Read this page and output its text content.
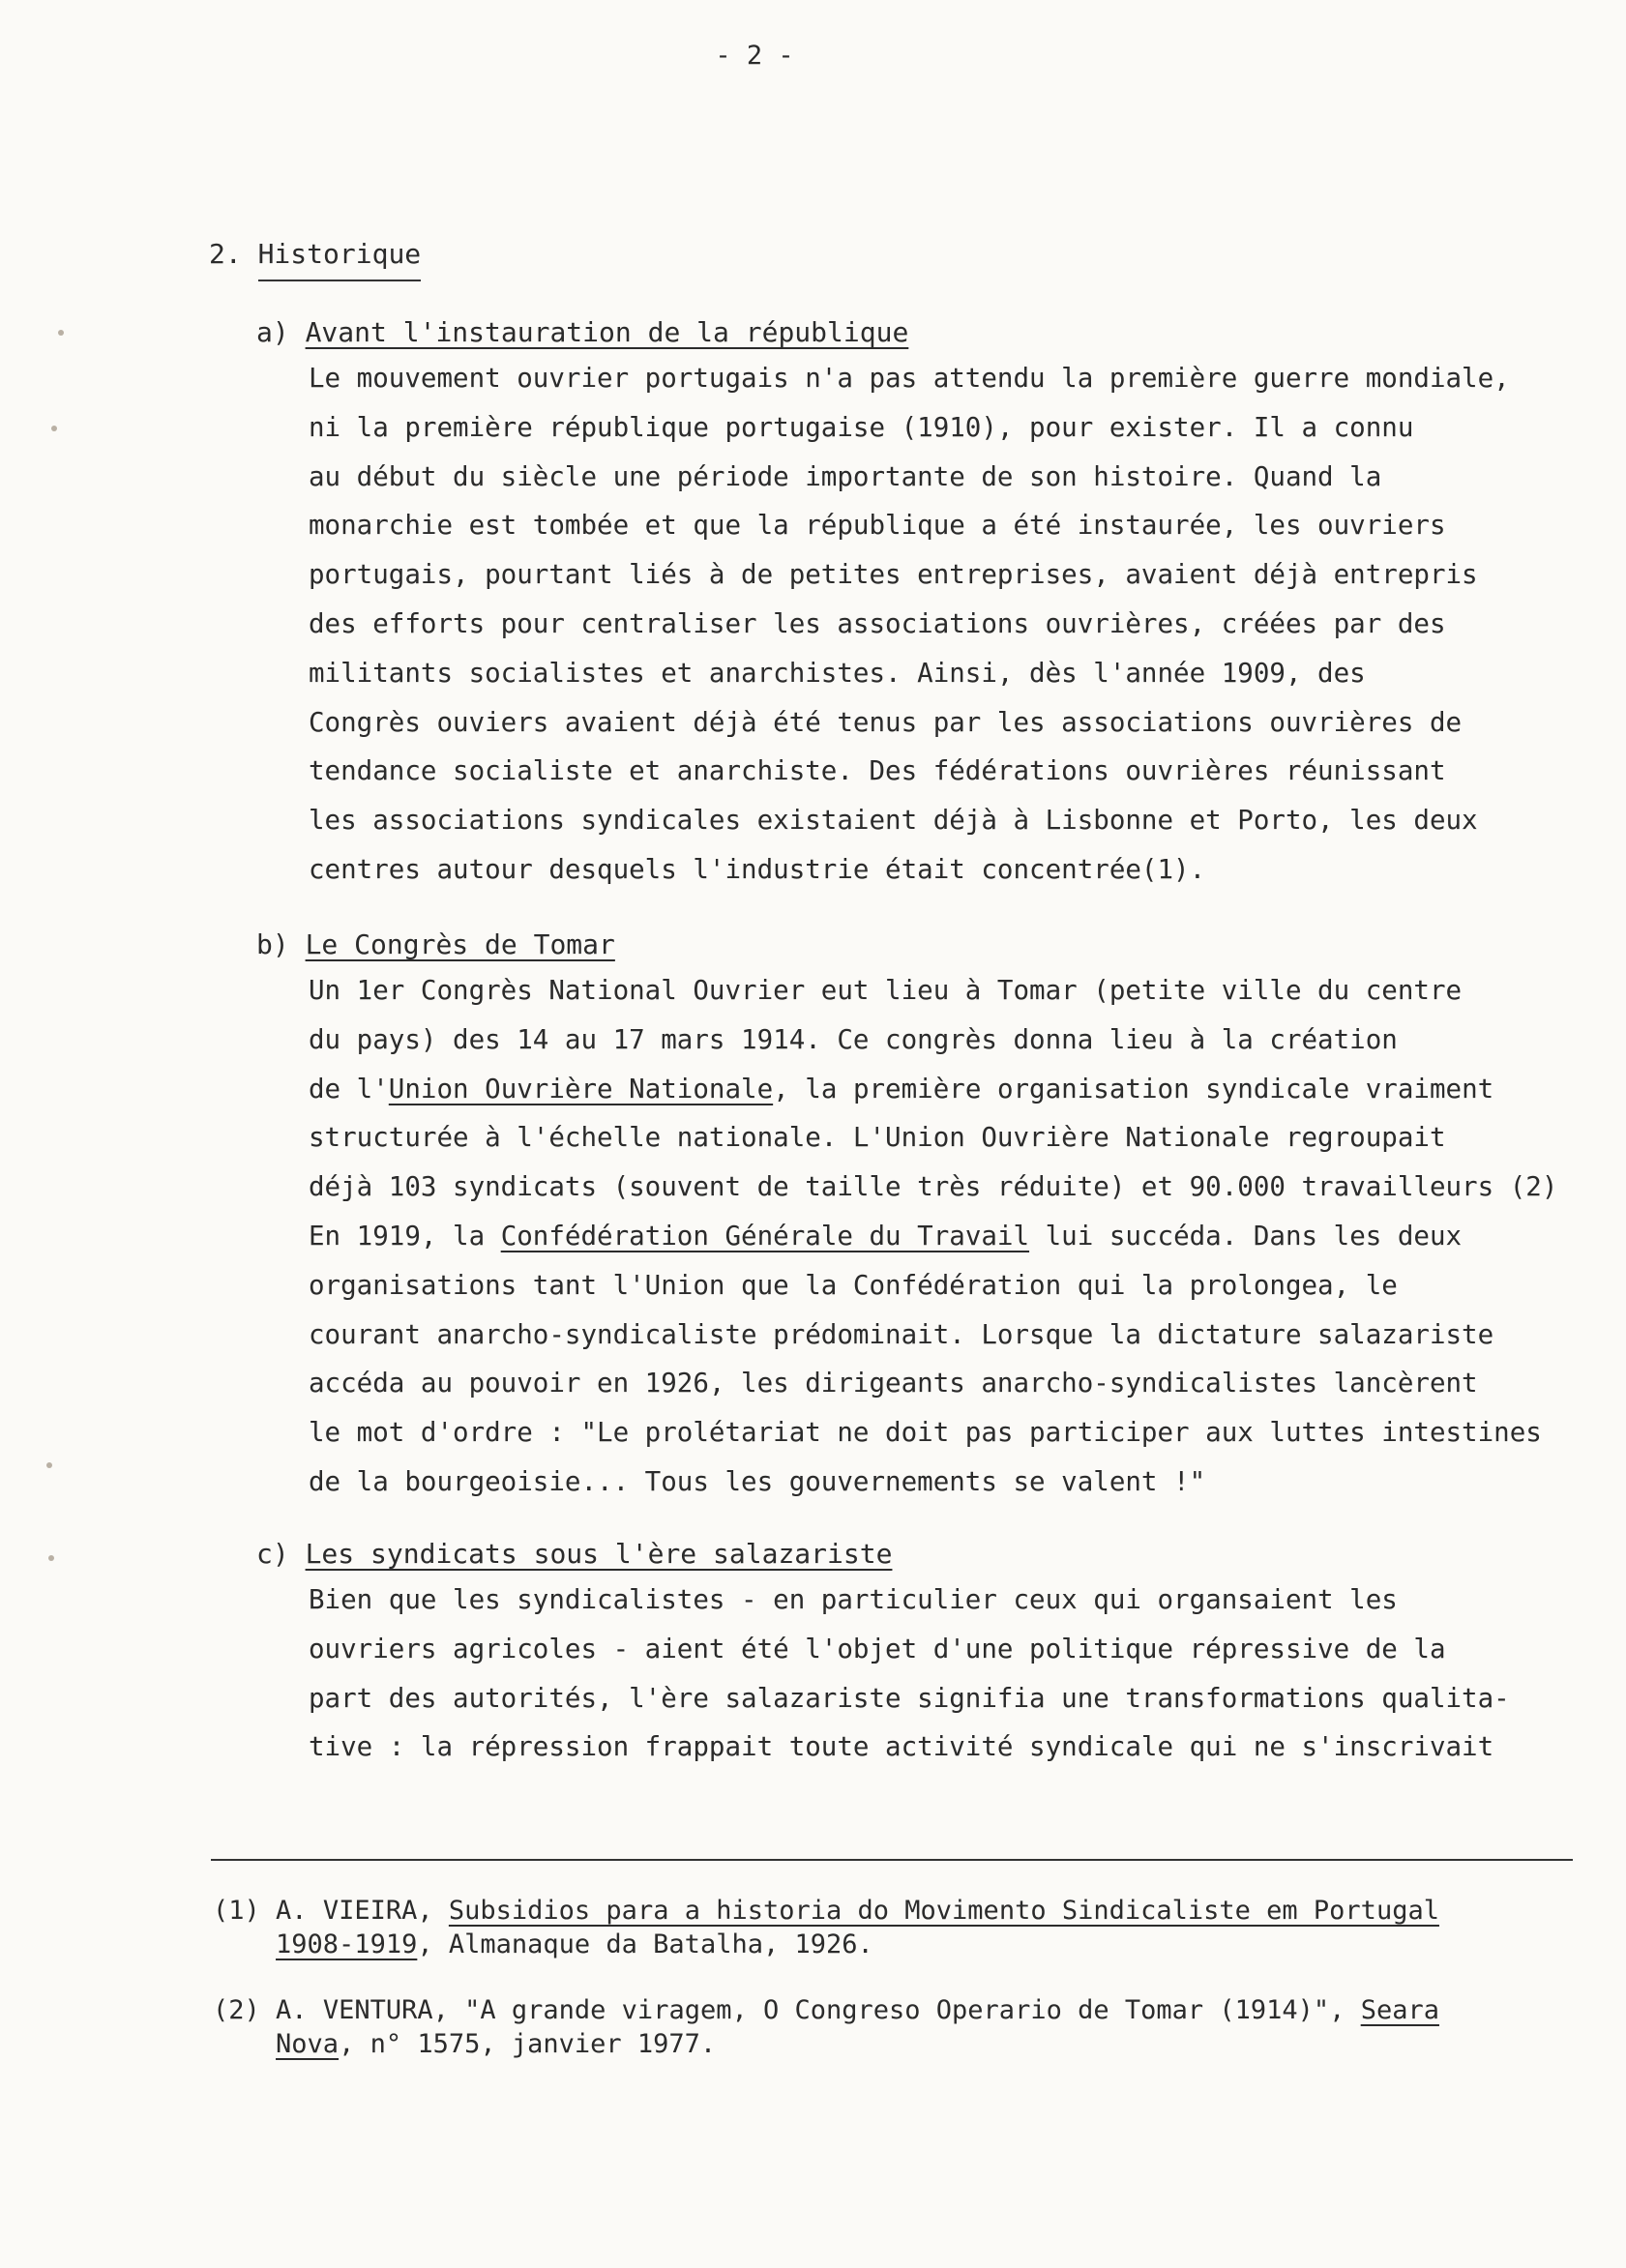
- 2 -
2. Historique
a) Avant l'instauration de la république
Le mouvement ouvrier portugais n'a pas attendu la première guerre mondiale,
ni la première république portugaise (1910), pour exister. Il a connu
au début du siècle une période importante de son histoire. Quand la
monarchie est tombée et que la république a été instaurée, les ouvriers
portugais, pourtant liés à de petites entreprises, avaient déjà entrepris
des efforts pour centraliser les associations ouvrières, créées par des
militants socialistes et anarchistes. Ainsi, dès l'année 1909, des
Congrès ouviers avaient déjà été tenus par les associations ouvrières de
tendance socialiste et anarchiste. Des fédérations ouvrières réunissant
les associations syndicales existaient déjà à Lisbonne et Porto, les deux
centres autour desquels l'industrie était concentrée(1).
b) Le Congrès de Tomar
Un 1er Congrès National Ouvrier eut lieu à Tomar (petite ville du centre
du pays) des 14 au 17 mars 1914. Ce congrès donna lieu à la création
de l'Union Ouvrière Nationale, la première organisation syndicale vraiment
structurée à l'échelle nationale. L'Union Ouvrière Nationale regroupait
déjà 103 syndicats (souvent de taille très réduite) et 90.000 travailleurs (2)
En 1919, la Confédération Générale du Travail lui succéda. Dans les deux
organisations tant l'Union que la Confédération qui la prolongea, le
courant anarcho-syndicaliste prédominait. Lorsque la dictature salazariste
accéda au pouvoir en 1926, les dirigeants anarcho-syndicalistes lancèrent
le mot d'ordre : "Le prolétariat ne doit pas participer aux luttes intestines
de la bourgeoisie... Tous les gouvernements se valent !"
c) Les syndicats sous l'ère salazariste
Bien que les syndicalistes - en particulier ceux qui organsaient les
ouvriers agricoles - aient été l'objet d'une politique répressive de la
part des autorités, l'ère salazariste signifia une transformations qualita-
tive : la répression frappait toute activité syndicale qui ne s'inscrivait
(1) A. VIEIRA, Subsidios para a historia do Movimento Sindicaliste em Portugal
1908-1919, Almanaque da Batalha, 1926.
(2) A. VENTURA, "A grande viragem, O Congreso Operario de Tomar (1914)", Seara
Nova, n° 1575, janvier 1977.
